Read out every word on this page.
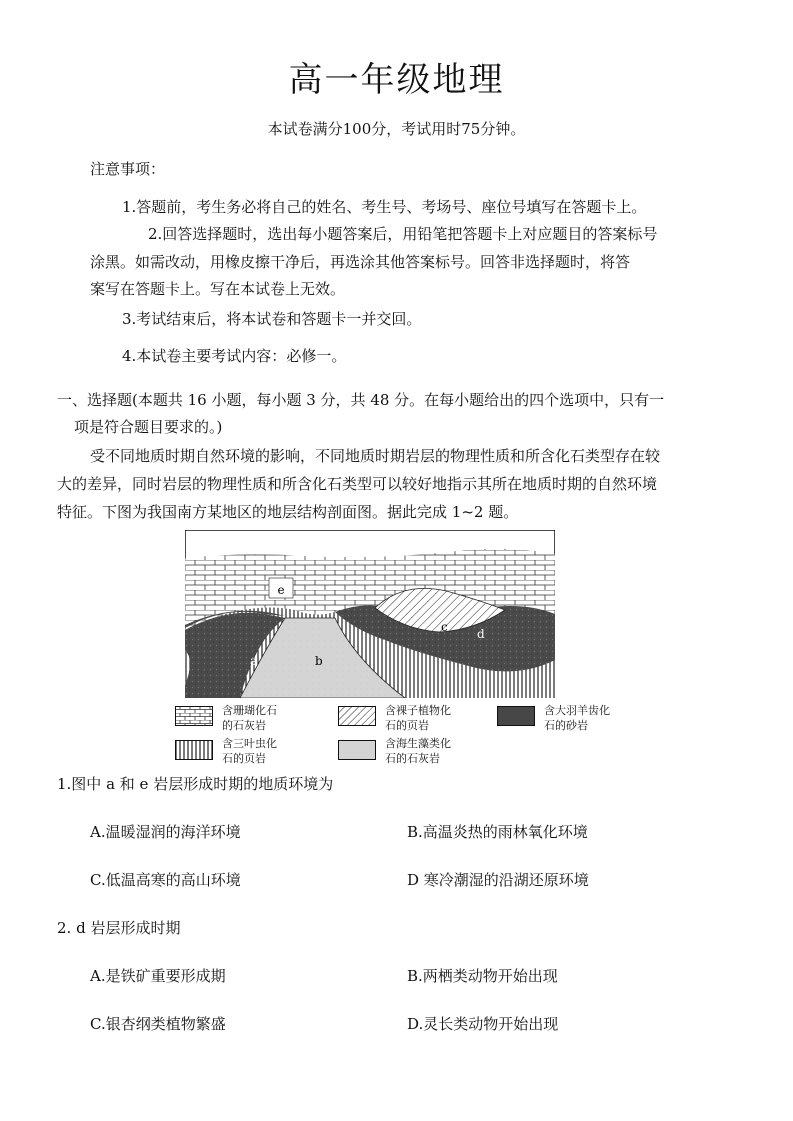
高一年级地理
本试卷满分100分，考试用时75分钟。
注意事项：
1.答题前，考生务必将自己的姓名、考生号、考场号、座位号填写在答题卡上。
2.回答选择题时，选出每小题答案后，用铅笔把答题卡上对应题目的答案标号
涂黑。如需改动，用橡皮擦干净后，再选涂其他答案标号。回答非选择题时，将答
案写在答题卡上。写在本试卷上无效。
3.考试结束后，将本试卷和答题卡一并交回。
4.本试卷主要考试内容：必修一。
一、选择题(本题共 16 小题，每小题 3 分，共 48 分。在每小题给出的四个选项中，只有一
项是符合题目要求的。)
受不同地质时期自然环境的影响，不同地质时期岩层的物理性质和所含化石类型存在较
大的差异，同时岩层的物理性质和所含化石类型可以较好地指示其所在地质时期的自然环境
特征。下图为我国南方某地区的地层结构剖面图。据此完成 1~2 题。
e
a	b
c d
含珊瑚化石
的石灰岩
含裸子植物化
石的页岩
含大羽羊齿化
石的砂岩
含三叶虫化
石的页岩
含海生藻类化
石的石灰岩
1.图中 a 和 e 岩层形成时期的地质环境为
A.温暖湿润的海洋环境	B.高温炎热的雨林氧化环境
C.低温高寒的高山环境	D 寒冷潮湿的沿湖还原环境
2. d 岩层形成时期
A.是铁矿重要形成期	B.两栖类动物开始出现
C.银杏纲类植物繁盛	D.灵长类动物开始出现
